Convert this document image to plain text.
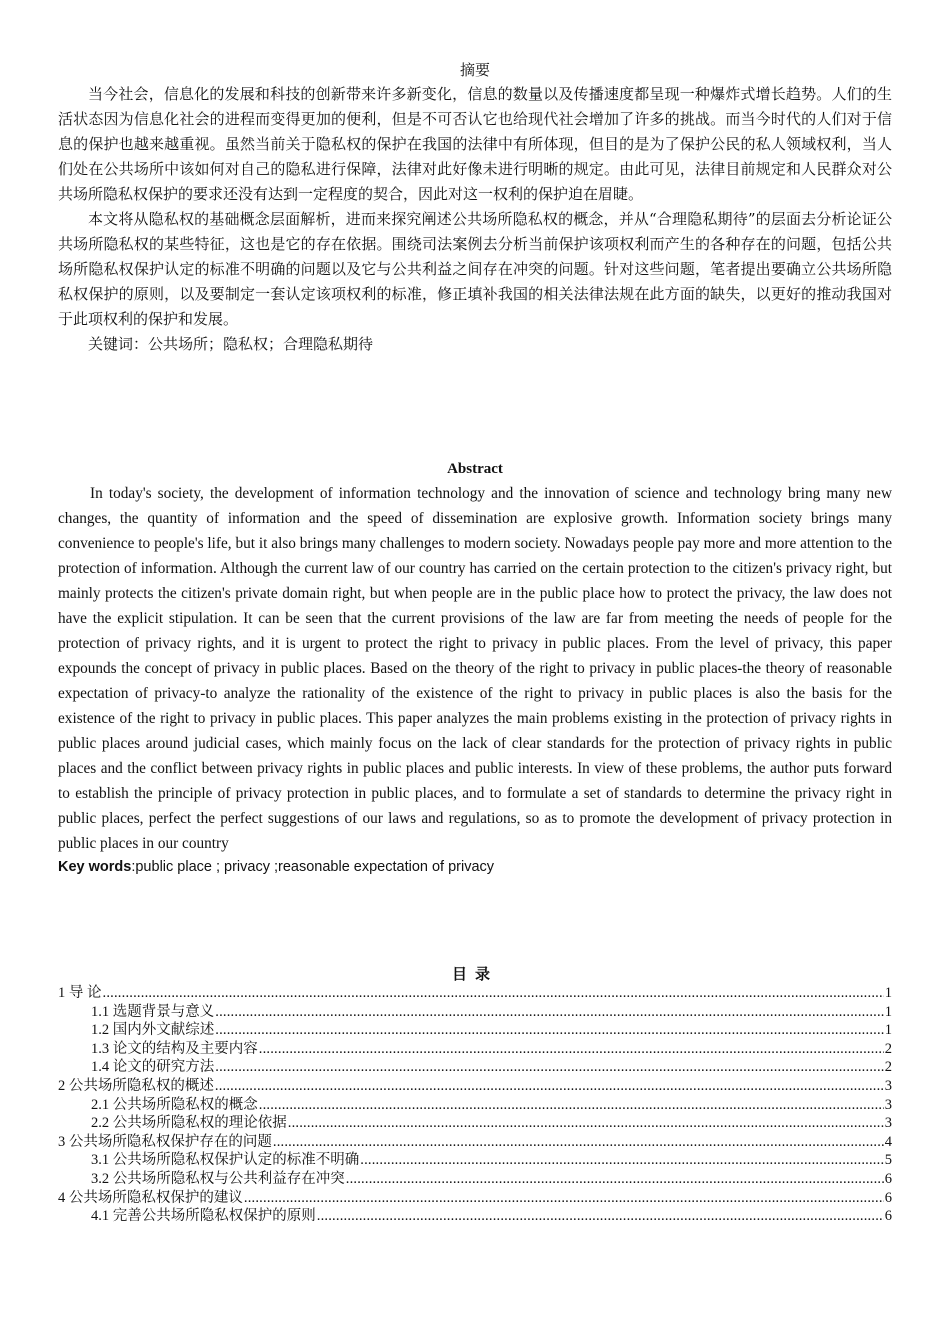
摘要

当今社会，信息化的发展和科技的创新带来许多新变化，信息的数量以及传播速度都呈现一种爆炸式增长趋势。人们的生活状态因为信息化社会的进程而变得更加的便利，但是不可否认它也给现代社会增加了许多的挑战。而当今时代的人们对于信息的保护也越来越重视。虽然当前关于隐私权的保护在我国的法律中有所体现，但目的是为了保护公民的私人领域权利，当人们处在公共场所中该如何对自己的隐私进行保障，法律对此好像未进行明晰的规定。由此可见，法律目前规定和人民群众对公共场所隐私权保护的要求还没有达到一定程度的契合，因此对这一权利的保护迫在眉睫。

本文将从隐私权的基础概念层面解析，进而来探究阐述公共场所隐私权的概念，并从“合理隐私期待”的层面去分析论证公共场所隐私权的某些特征，这也是它的存在依据。围绕司法案例去分析当前保护该项权利而产生的各种存在的问题，包括公共场所隐私权保护认定的标准不明确的问题以及它与公共利益之间存在冲突的问题。针对这些问题，笔者提出要确立公共场所隐私权保护的原则，以及要制定一套认定该项权利的标准，修正填补我国的相关法律法规在此方面的缺失，以更好的推动我国对于此项权利的保护和发展。

关键词：公共场所；隐私权；合理隐私期待

Abstract

In today's society, the development of information technology and the innovation of science and technology bring many new changes, the quantity of information and the speed of dissemination are explosive growth. Information society brings many convenience to people's life, but it also brings many challenges to modern society. Nowadays people pay more and more attention to the protection of information. Although the current law of our country has carried on the certain protection to the citizen's privacy right, but mainly protects the citizen's private domain right, but when people are in the public place how to protect the privacy, the law does not have the explicit stipulation. It can be seen that the current provisions of the law are far from meeting the needs of people for the protection of privacy rights, and it is urgent to protect the right to privacy in public places. From the level of privacy, this paper expounds the concept of privacy in public places. Based on the theory of the right to privacy in public places-the theory of reasonable expectation of privacy-to analyze the rationality of the existence of the right to privacy in public places is also the basis for the existence of the right to privacy in public places. This paper analyzes the main problems existing in the protection of privacy rights in public places around judicial cases, which mainly focus on the lack of clear standards for the protection of privacy rights in public places and the conflict between privacy rights in public places and public interests. In view of these problems, the author puts forward to establish the principle of privacy protection in public places, and to formulate a set of standards to determine the privacy right in public places, perfect the perfect suggestions of our laws and regulations, so as to promote the development of privacy protection in public places in our country

Key words:public place ; privacy ;reasonable expectation of privacy

目录
1 导 论 .....	1
1.1 选题背景与意义 .....	1
1.2 国内外文献综述 .....	1
1.3 论文的结构及主要内容 .....	2
1.4 论文的研究方法 .....	2
2 公共场所隐私权的概述 .....	3
2.1 公共场所隐私权的概念 .....	3
2.2 公共场所隐私权的理论依据 .....	3
3 公共场所隐私权保护存在的问题 .....	4
3.1 公共场所隐私权保护认定的标准不明确 .....	5
3.2 公共场所隐私权与公共利益存在冲突 .....	6
4 公共场所隐私权保护的建议 .....	6
4.1 完善公共场所隐私权保护的原则 .....	6
